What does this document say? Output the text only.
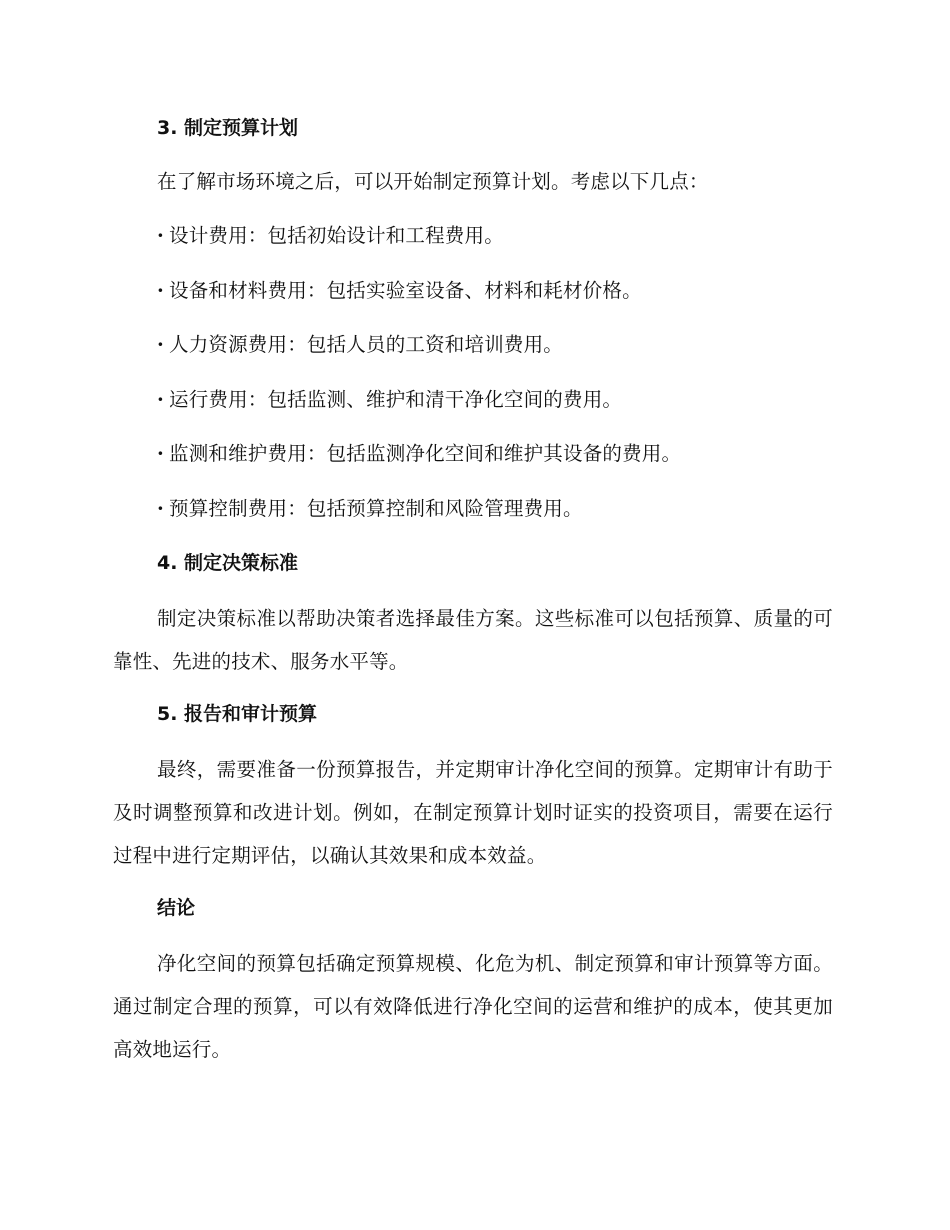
3. 制定预算计划

在了解市场环境之后，可以开始制定预算计划。考虑以下几点：

· 设计费用：包括初始设计和工程费用。
· 设备和材料费用：包括实验室设备、材料和耗材价格。
· 人力资源费用：包括人员的工资和培训费用。
· 运行费用：包括监测、维护和清干净化空间的费用。
· 监测和维护费用：包括监测净化空间和维护其设备的费用。
· 预算控制费用：包括预算控制和风险管理费用。
4. 制定决策标准

制定决策标准以帮助决策者选择最佳方案。这些标准可以包括预算、质量的可靠性、先进的技术、服务水平等。

5. 报告和审计预算

最终，需要准备一份预算报告，并定期审计净化空间的预算。定期审计有助于及时调整预算和改进计划。例如，在制定预算计划时证实的投资项目，需要在运行过程中进行定期评估，以确认其效果和成本效益。

结论

净化空间的预算包括确定预算规模、化危为机、制定预算和审计预算等方面。通过制定合理的预算，可以有效降低进行净化空间的运营和维护的成本，使其更加高效地运行。
